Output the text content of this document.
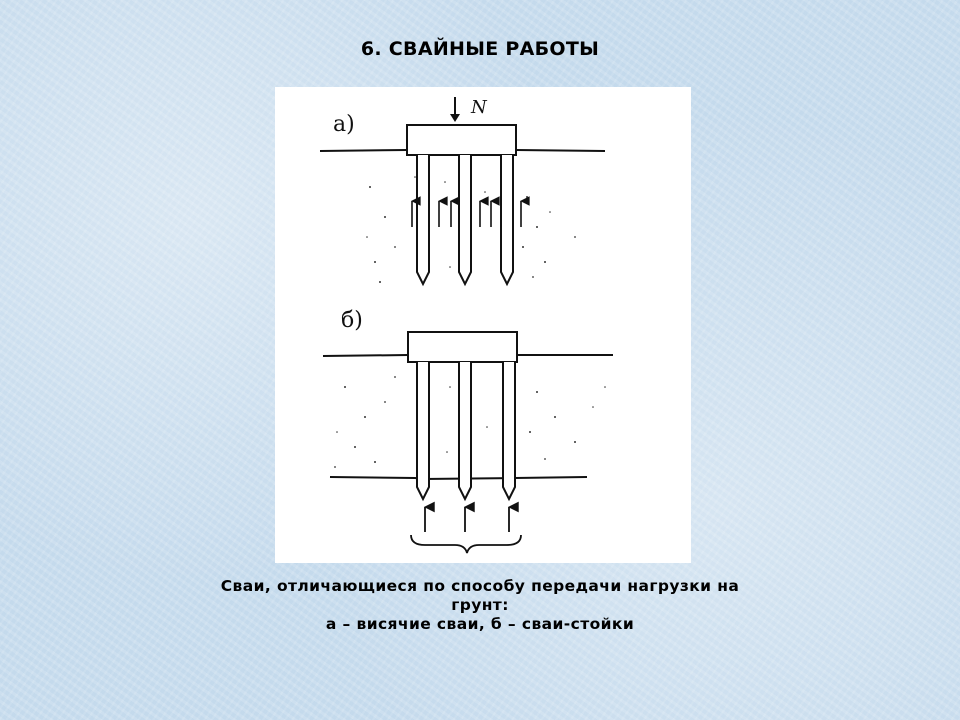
6. СВАЙНЫЕ РАБОТЫ
а)
N
б)
Сваи, отличающиеся по способу передачи нагрузки на
грунт:
а – висячие сваи, б – сваи-стойки
